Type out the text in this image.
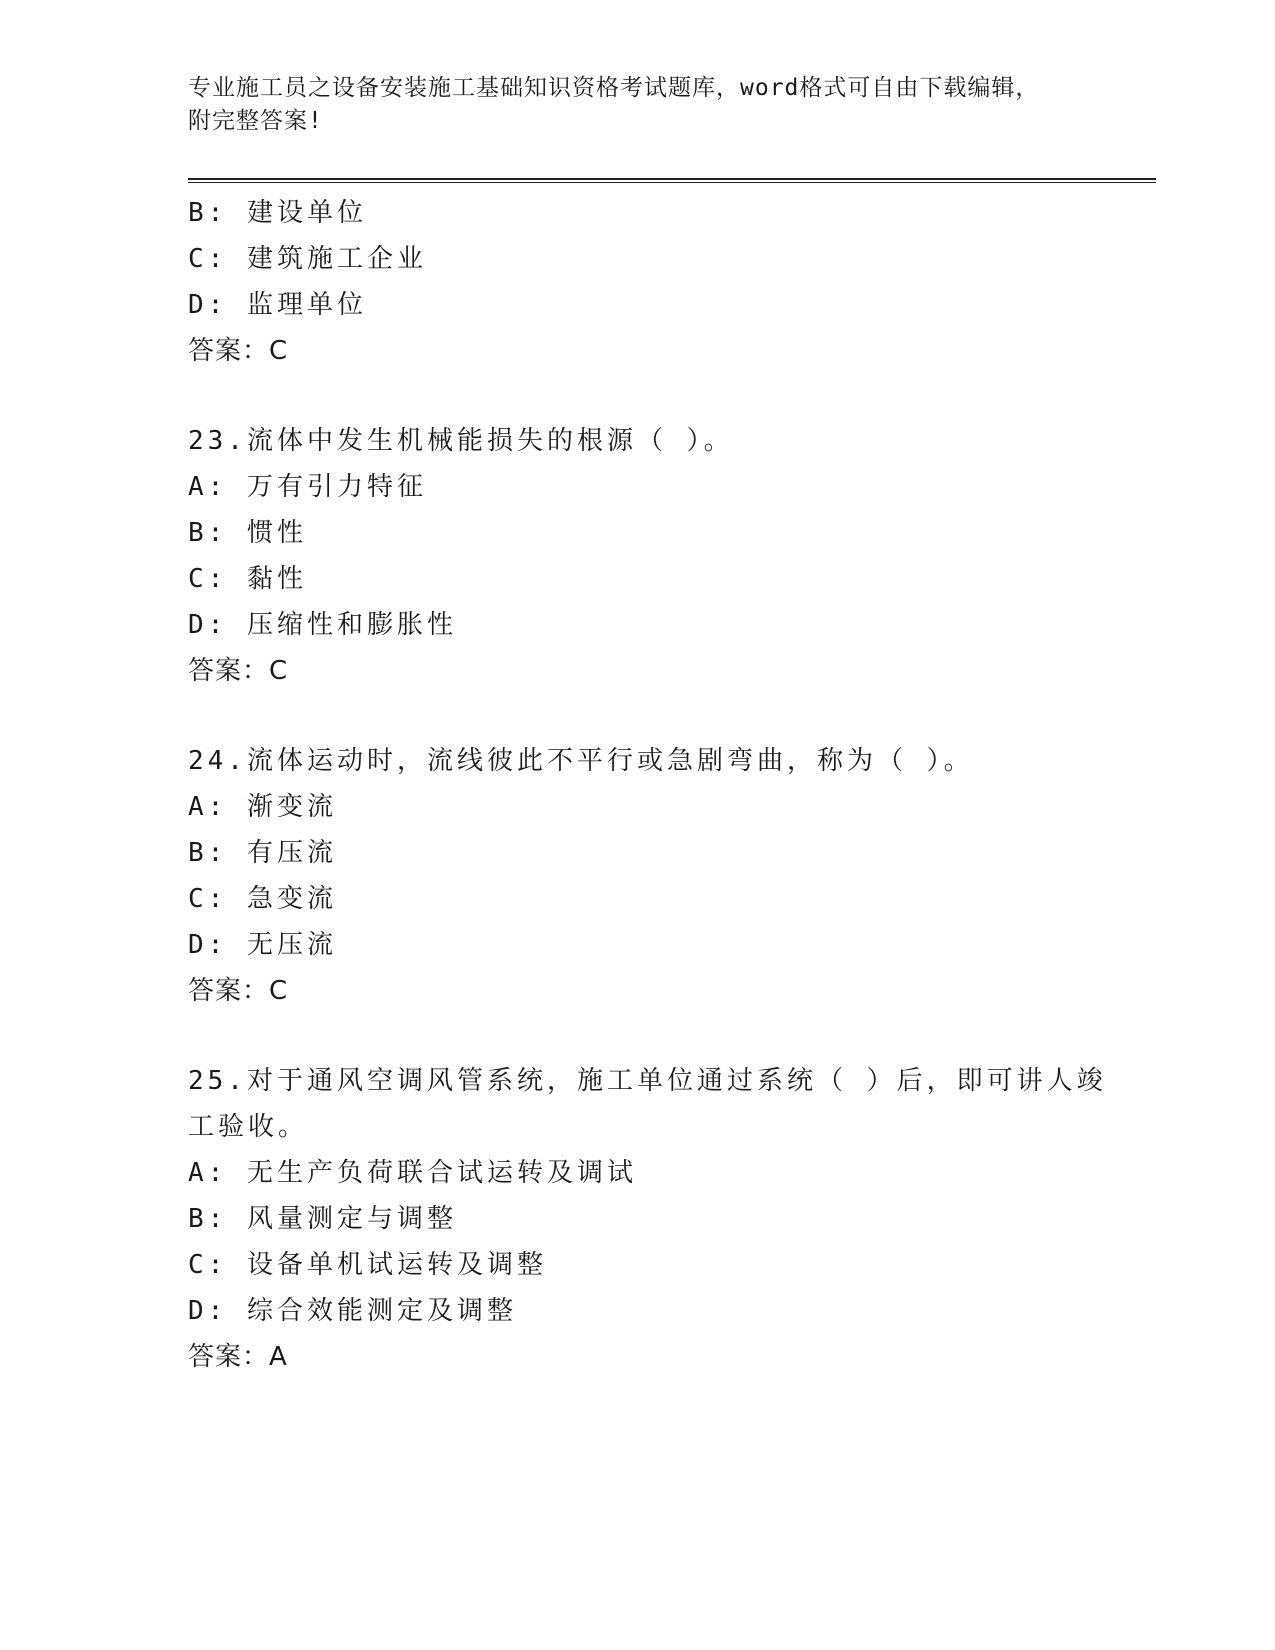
专业施工员之设备安装施工基础知识资格考试题库，word格式可自由下载编辑，
附完整答案!
B: 建设单位
C: 建筑施工企业
D: 监理单位
答案：C
23.流体中发生机械能损失的根源（ ）。
A: 万有引力特征
B: 惯性
C: 黏性
D: 压缩性和膨胀性
答案：C
24.流体运动时，流线彼此不平行或急剧弯曲，称为（ ）。
A: 渐变流
B: 有压流
C: 急变流
D: 无压流
答案：C
25.对于通风空调风管系统，施工单位通过系统（ ）后，即可讲人竣
工验收。
A: 无生产负荷联合试运转及调试
B: 风量测定与调整
C: 设备单机试运转及调整
D: 综合效能测定及调整
答案：A
